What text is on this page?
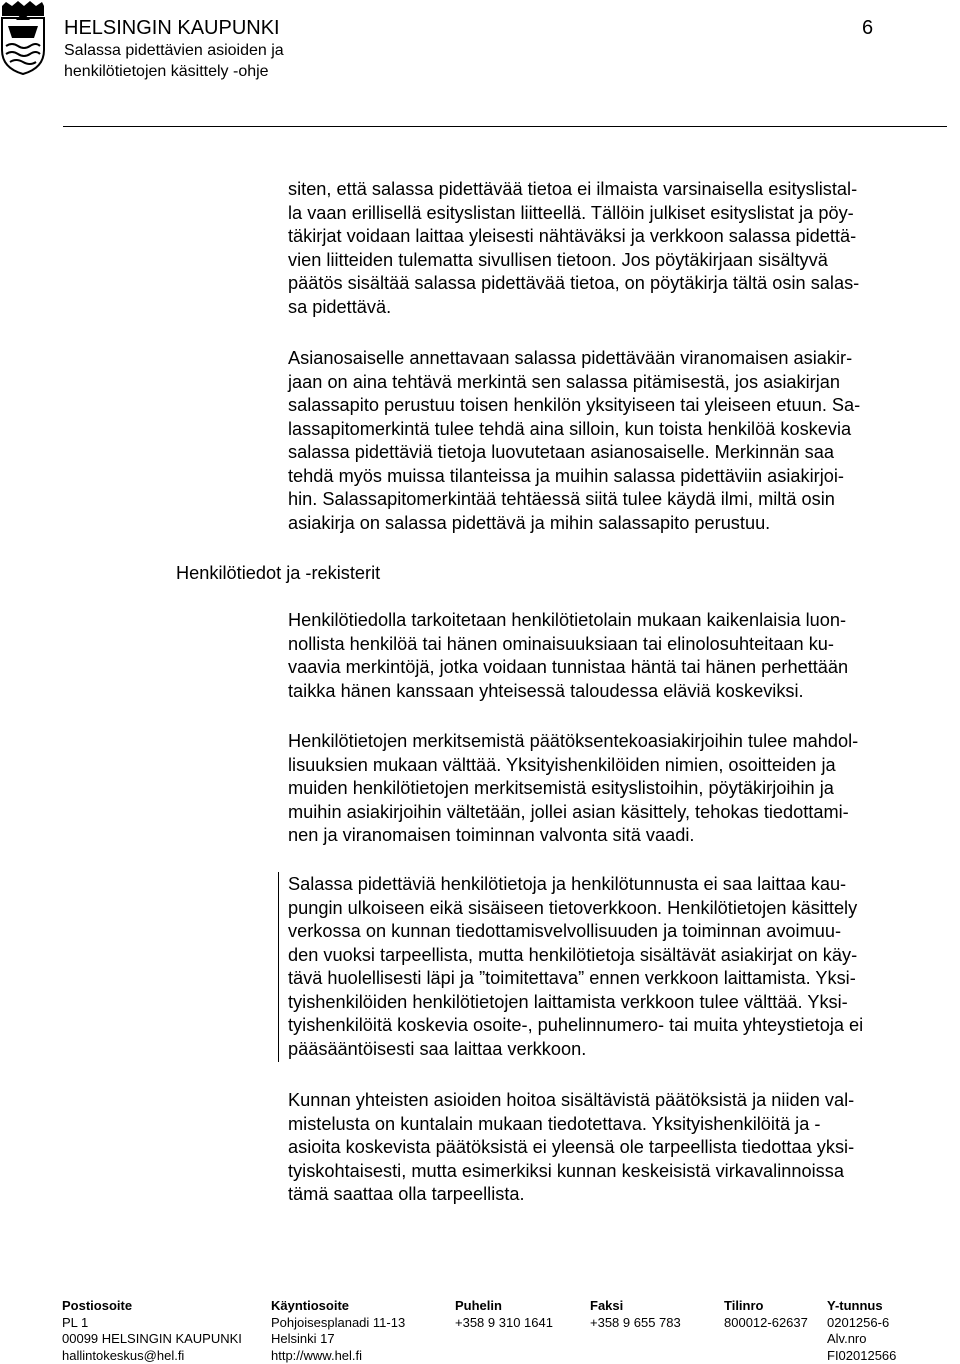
HELSINGIN KAUPUNKI
Salassa pidettävien asioiden ja
henkilötietojen käsittely -ohje
6
siten, että salassa pidettävää tietoa ei ilmaista varsinaisella esityslistal-
la vaan erillisellä esityslistan liitteellä. Tällöin julkiset esityslistat ja pöy-
täkirjat voidaan laittaa yleisesti nähtäväksi ja verkkoon salassa pidettä-
vien liitteiden tulematta sivullisen tietoon. Jos pöytäkirjaan sisältyvä
päätös sisältää salassa pidettävää tietoa, on pöytäkirja tältä osin salas-
sa pidettävä.
Asianosaiselle annettavaan salassa pidettävään viranomaisen asiakir-
jaan on aina tehtävä merkintä sen salassa pitämisestä, jos asiakirjan
salassapito perustuu toisen henkilön yksityiseen tai yleiseen etuun. Sa-
lassapitomerkintä tulee tehdä aina silloin, kun toista henkilöä koskevia
salassa pidettäviä tietoja luovutetaan asianosaiselle. Merkinnän saa
tehdä myös muissa tilanteissa ja muihin salassa pidettäviin asiakirjoi-
hin. Salassapitomerkintää tehtäessä siitä tulee käydä ilmi, miltä osin
asiakirja on salassa pidettävä ja mihin salassapito perustuu.
Henkilötiedot ja -rekisterit
Henkilötiedolla tarkoitetaan henkilötietolain mukaan kaikenlaisia luon-
nollista henkilöä tai hänen ominaisuuksiaan tai elinolosuhteitaan ku-
vaavia merkintöjä, jotka voidaan tunnistaa häntä tai hänen perhettään
taikka hänen kanssaan yhteisessä taloudessa eläviä koskeviksi.
Henkilötietojen merkitsemistä päätöksentekoasiakirjoihin tulee mahdol-
lisuuksien mukaan välttää. Yksityishenkilöiden nimien, osoitteiden ja
muiden henkilötietojen merkitsemistä esityslistoihin, pöytäkirjoihin ja
muihin asiakirjoihin vältetään, jollei asian käsittely, tehokas tiedottami-
nen ja viranomaisen toiminnan valvonta sitä vaadi.
Salassa pidettäviä henkilötietoja ja henkilötunnusta ei saa laittaa kau-
pungin ulkoiseen eikä sisäiseen tietoverkkoon. Henkilötietojen käsittely
verkossa on kunnan tiedottamisvelvollisuuden ja toiminnan avoimuu-
den vuoksi tarpeellista, mutta henkilötietoja sisältävät asiakirjat on käy-
tävä huolellisesti läpi ja ”toimitettava” ennen verkkoon laittamista. Yksi-
tyishenkilöiden henkilötietojen laittamista verkkoon tulee välttää. Yksi-
tyishenkilöitä koskevia osoite-, puhelinnumero- tai muita yhteystietoja ei
pääsääntöisesti saa laittaa verkkoon.
Kunnan yhteisten asioiden hoitoa sisältävistä päätöksistä ja niiden val-
mistelusta on kuntalain mukaan tiedotettava. Yksityishenkilöitä ja -
asioita koskevista päätöksistä ei yleensä ole tarpeellista tiedottaa yksi-
tyiskohtaisesti, mutta esimerkiksi kunnan keskeisistä virkavalinnoissa
tämä saattaa olla tarpeellista.
Postiosoite
PL 1
00099 HELSINGIN KAUPUNKI
hallintokeskus@hel.fi
Käyntiosoite
Pohjoisesplanadi 11-13
Helsinki 17
http://www.hel.fi
Puhelin
+358 9 310 1641
Faksi
+358 9 655 783
Tilinro
800012-62637
Y-tunnus
0201256-6
Alv.nro
FI02012566
